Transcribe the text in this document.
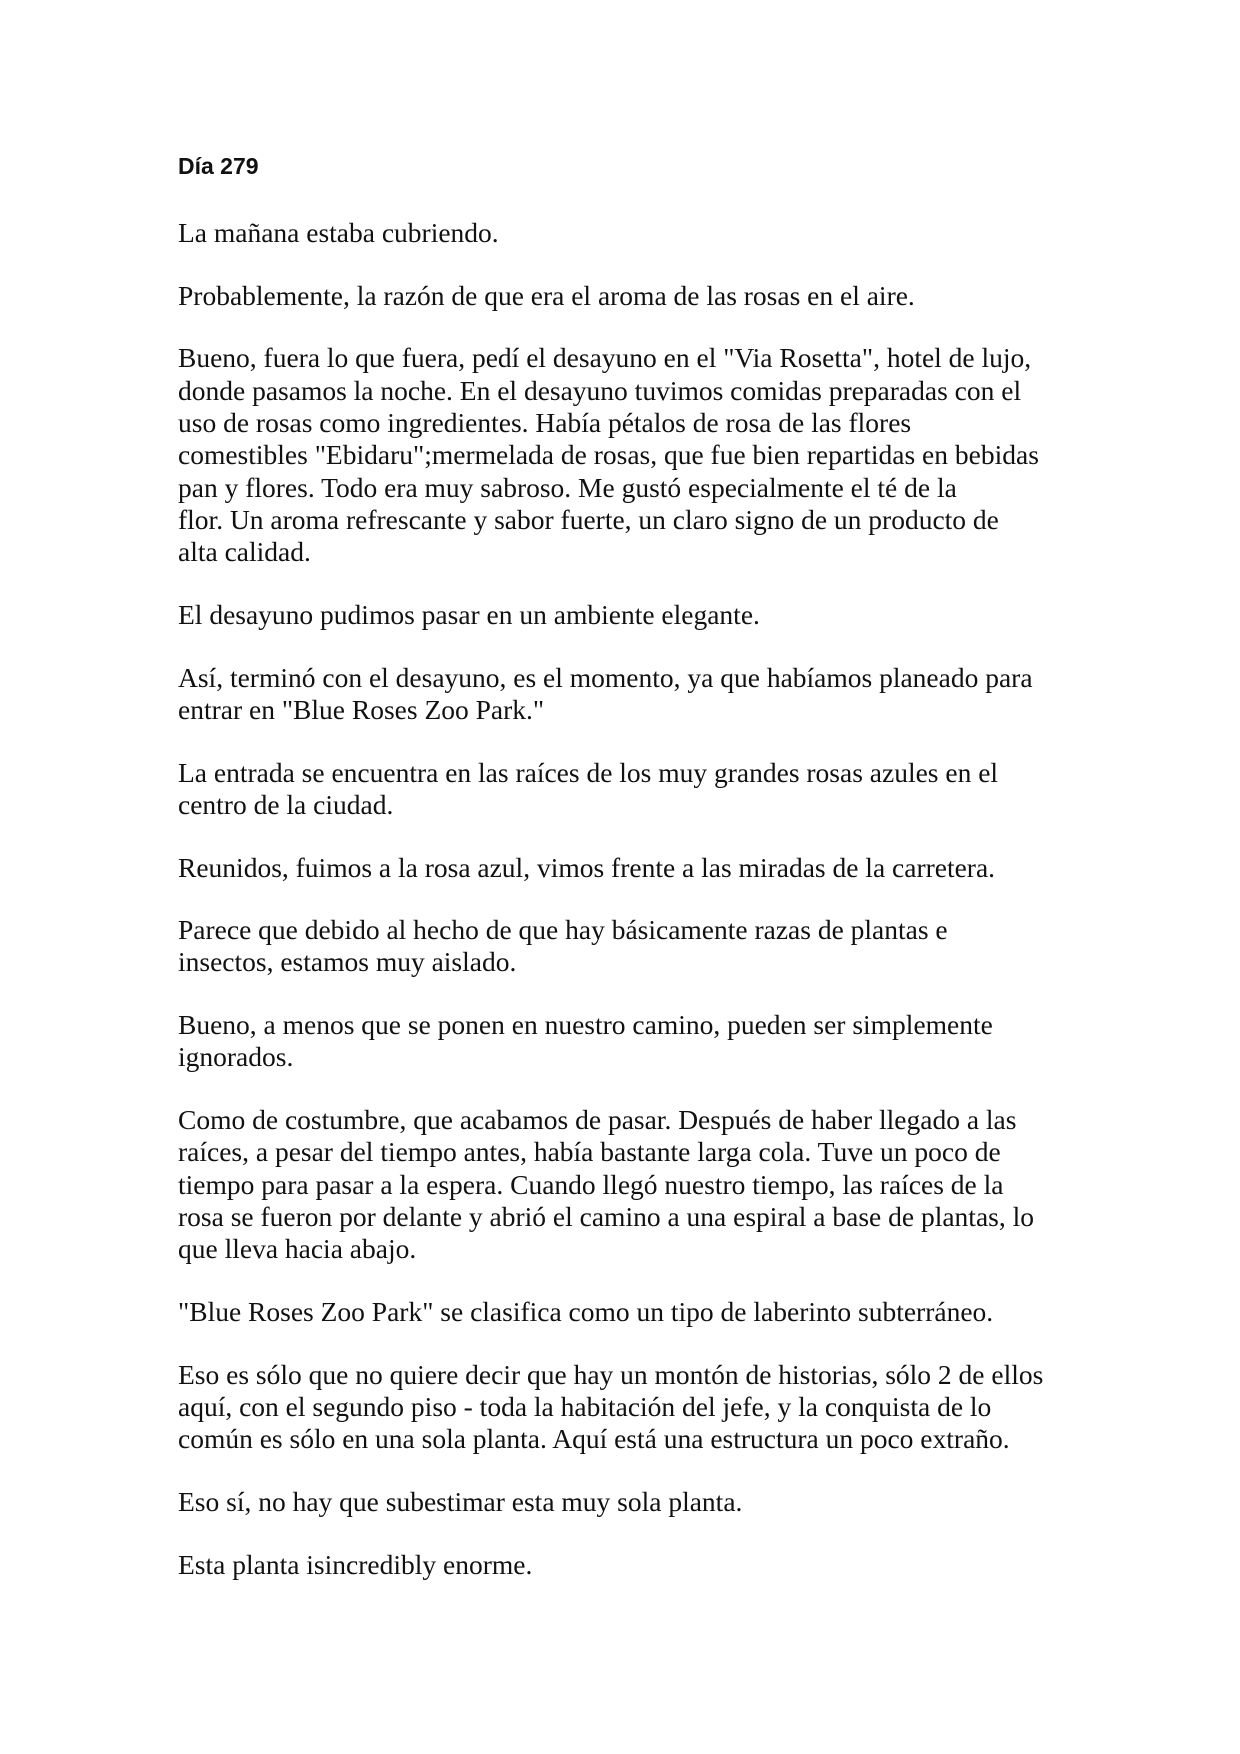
Día 279

La mañana estaba cubriendo.

Probablemente, la razón de que era el aroma de las rosas en el aire.

Bueno, fuera lo que fuera, pedí el desayuno en el "Via Rosetta", hotel de lujo,
donde pasamos la noche. En el desayuno tuvimos comidas preparadas con el
uso de rosas como ingredientes. Había pétalos de rosa de las flores
comestibles "Ebidaru";mermelada de rosas, que fue bien repartidas en bebidas
pan y flores. Todo era muy sabroso. Me gustó especialmente el té de la
flor. Un aroma refrescante y sabor fuerte, un claro signo de un producto de
alta calidad.

El desayuno pudimos pasar en un ambiente elegante.

Así, terminó con el desayuno, es el momento, ya que habíamos planeado para
entrar en "Blue Roses Zoo Park."

La entrada se encuentra en las raíces de los muy grandes rosas azules en el
centro de la ciudad.

Reunidos, fuimos a la rosa azul, vimos frente a las miradas de la carretera.

Parece que debido al hecho de que hay básicamente razas de plantas e
insectos, estamos muy aislado.

Bueno, a menos que se ponen en nuestro camino, pueden ser simplemente
ignorados.

Como de costumbre, que acabamos de pasar. Después de haber llegado a las
raíces, a pesar del tiempo antes, había bastante larga cola. Tuve un poco de
tiempo para pasar a la espera. Cuando llegó nuestro tiempo, las raíces de la
rosa se fueron por delante y abrió el camino a una espiral a base de plantas, lo
que lleva hacia abajo.

"Blue Roses Zoo Park" se clasifica como un tipo de laberinto subterráneo.

Eso es sólo que no quiere decir que hay un montón de historias, sólo 2 de ellos
aquí, con el segundo piso - toda la habitación del jefe, y la conquista de lo
común es sólo en una sola planta. Aquí está una estructura un poco extraño.

Eso sí, no hay que subestimar esta muy sola planta.

Esta planta isincredibly enorme.
